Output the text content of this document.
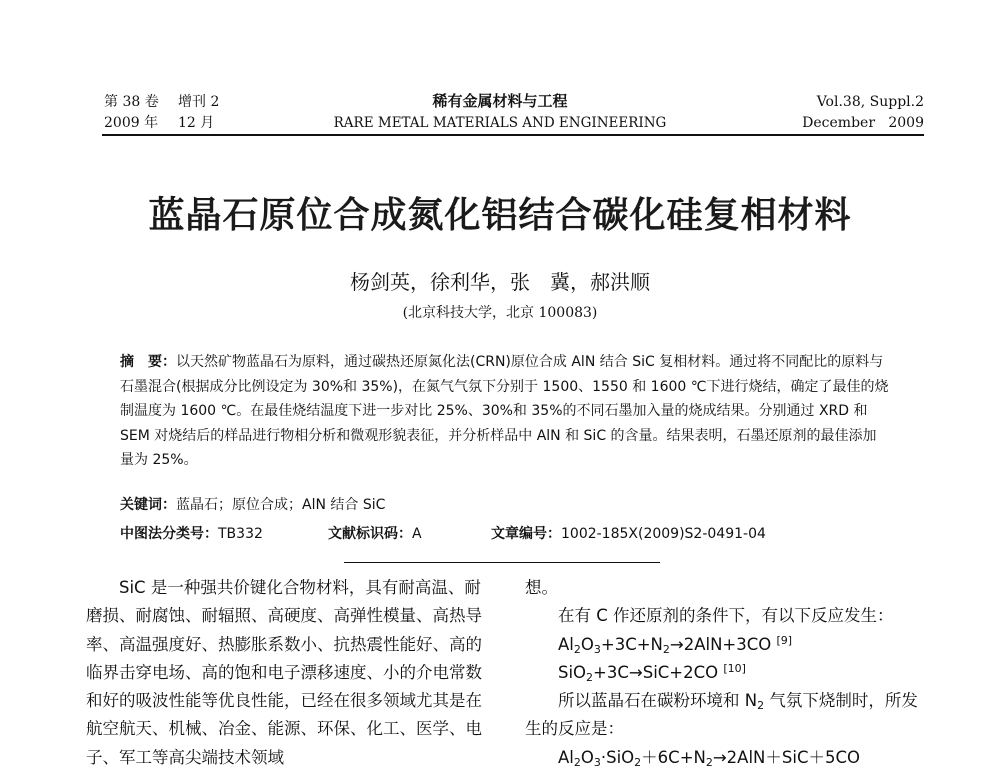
第 38 卷 增刊 2
2009 年 12 月
稀有金属材料与工程
RARE METAL MATERIALS AND ENGINEERING
Vol.38, Suppl.2
December   2009
蓝晶石原位合成氮化铝结合碳化硅复相材料
杨剑英，徐利华，张　冀，郝洪顺
(北京科技大学，北京 100083)
摘　要：以天然矿物蓝晶石为原料，通过碳热还原氮化法(CRN)原位合成 AlN 结合 SiC 复相材料。通过将不同配比的原料与石墨混合(根据成分比例设定为 30%和 35%)，在氮气气氛下分别于 1500、1550 和 1600 ℃下进行烧结，确定了最佳的烧制温度为 1600 ℃。在最佳烧结温度下进一步对比 25%、30%和 35%的不同石墨加入量的烧成结果。分别通过 XRD 和 SEM 对烧结后的样品进行物相分析和微观形貌表征，并分析样品中 AlN 和 SiC 的含量。结果表明，石墨还原剂的最佳添加量为 25%。
关键词：蓝晶石；原位合成；AlN 结合 SiC
中图法分类号：TB332	文献标识码：A	文章编号：1002-185X(2009)S2-0491-04

SiC 是一种强共价键化合物材料，具有耐高温、耐磨损、耐腐蚀、耐辐照、高硬度、高弹性模量、高热导率、高温强度好、热膨胀系数小、抗热震性能好、高的临界击穿电场、高的饱和电子漂移速度、小的介电常数和好的吸波性能等优良性能，已经在很多领域尤其是在航空航天、机械、冶金、能源、环保、化工、医学、电子、军工等高尖端技术领域

想。

在有 C 作还原剂的条件下，有以下反应发生：

$Al_2O_3+3C+N_2\to 2AlN+3CO$ [9]

SiO$_2$+3C→SiC+2CO [10]

所以蓝晶石在碳粉环境和 $N_2$ 气氛下烧制时，所发生的反应是：

$Al_2O_3\cdot SiO_2+6C+N_2\to 2AlN+SiC+5CO$
